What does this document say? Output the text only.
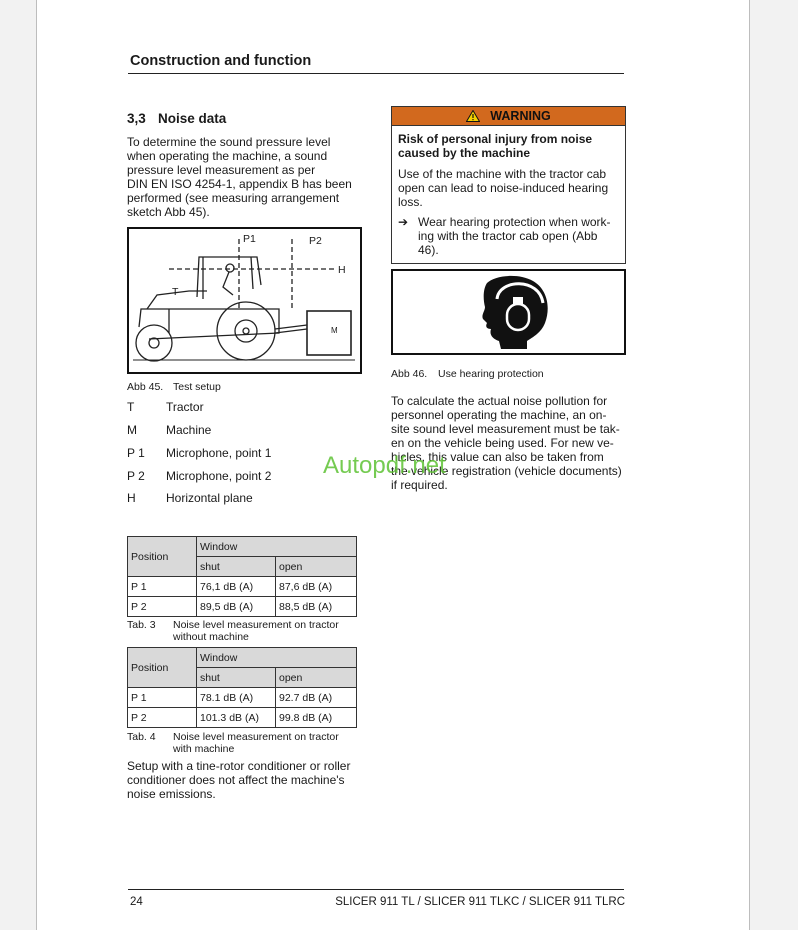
Construction and function
3,3 Noise data
To determine the sound pressure level
when operating the machine, a sound
pressure level measurement as per
DIN EN ISO 4254-1, appendix B has been
performed (see measuring arrangement
sketch Abb 45).
P1	P2
H
T
M
Abb 45. Test setup
T	Tractor
M Machine
P 1 Microphone, point 1
P 2 Microphone, point 2
H	Horizontal plane
Position	Window	
	shut	open
P 1	76,1 dB (A)	87,6 dB (A)
P 2	89,5 dB (A)	88,5 dB (A)
Tab. 3 Noise level measurement on tractor
without machine
Position	Window	
	shut	open
P 1	78.1 dB (A)	92.7 dB (A)
P 2	101.3 dB (A)	99.8 dB (A)
Tab. 4 Noise level measurement on tractor
with machine
Setup with a tine-rotor conditioner or roller
conditioner does not affect the machine's
noise emissions.
WARNING
Risk of personal injury from noise
caused by the machine
Use of the machine with the tractor cab
open can lead to noise-induced hearing
loss.
➔ Wear hearing protection when work-
ing with the tractor cab open (Abb
46).
Abb 46. Use hearing protection
To calculate the actual noise pollution for
personnel operating the machine, an on-
site sound level measurement must be tak-
en on the vehicle being used. For new ve-
hicles, this value can also be taken from
the vehicle registration (vehicle documents)
if required.
Autopdf.net
24	SLICER 911 TL / SLICER 911 TLKC / SLICER 911 TLRC
